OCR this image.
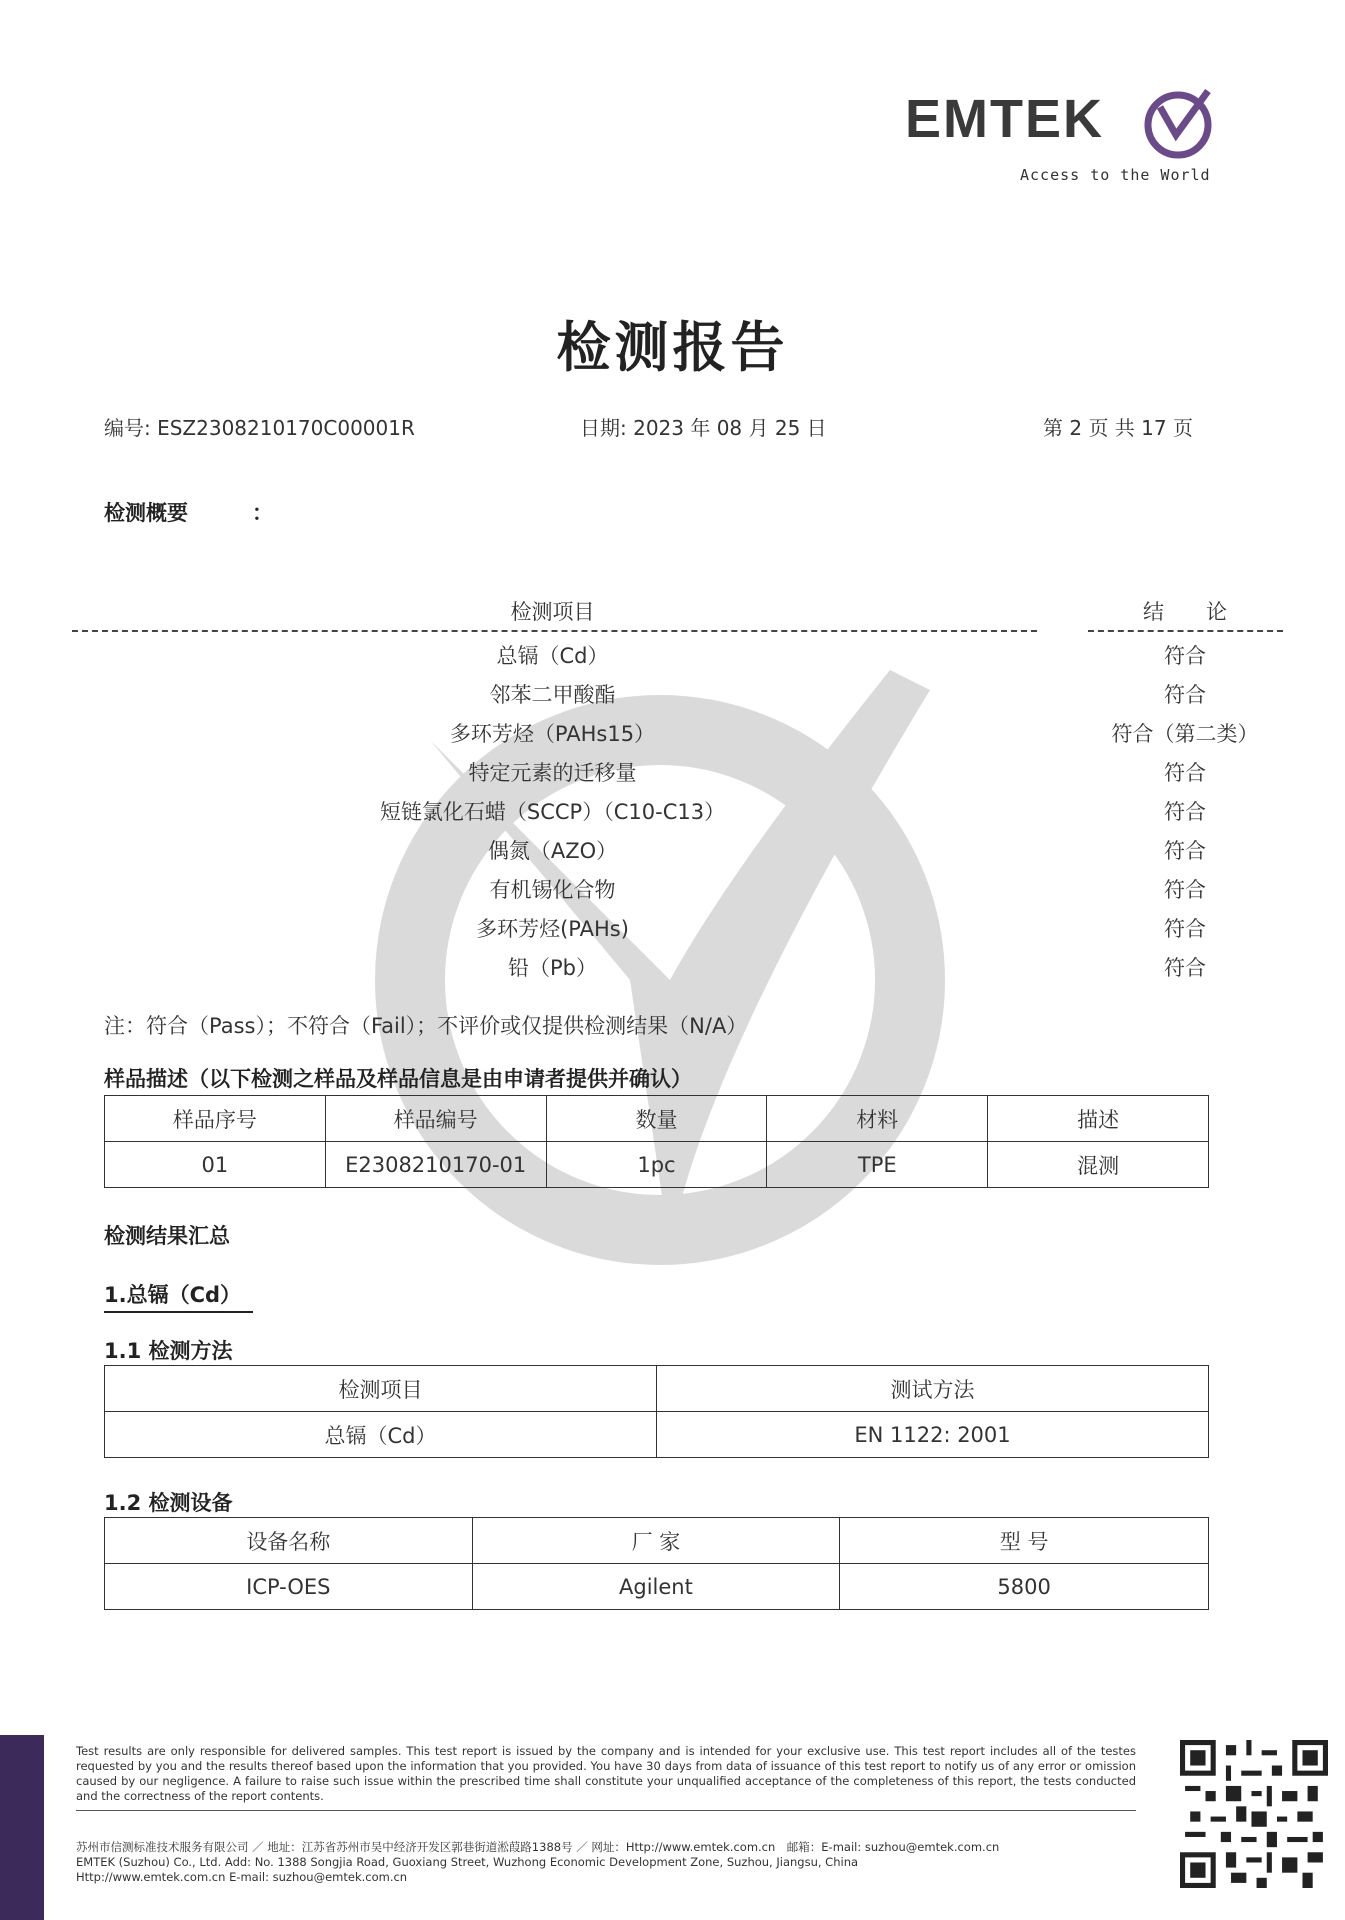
EMTEK
Access to the World
检测报告
编号: ESZ2308210170C00001R	日期: 2023 年 08 月 25 日	第 2 页 共 17 页
检测概要	：
检测项目	结　　论
总镉（Cd）	符合
邻苯二甲酸酯	符合
多环芳烃（PAHs15）	符合（第二类）
特定元素的迁移量	符合
短链氯化石蜡（SCCP）（C10-C13）	符合
偶氮（AZO）	符合
有机锡化合物	符合
多环芳烃(PAHs)	符合
铅（Pb）	符合
注：符合（Pass）；不符合（Fail）；不评价或仅提供检测结果（N/A）
样品描述（以下检测之样品及样品信息是由申请者提供并确认）
样品序号	样品编号	数量	材料	描述
01	E2308210170-01	1pc	TPE	混测
检测结果汇总
1.总镉（Cd）
1.1 检测方法
检测项目	测试方法
总镉（Cd）	EN 1122: 2001
1.2 检测设备
设备名称	厂 家	型 号
ICP-OES	Agilent	5800
Test results are only responsible for delivered samples. This test report is issued by the company and is intended for your exclusive use. This test report includes all of the testes requested by you and the results thereof based upon the information that you provided. You have 30 days from data of issuance of this test report to notify us of any error or omission caused by our negligence. A failure to raise such issue within the prescribed time shall constitute your unqualified acceptance of the completeness of this report, the tests conducted and the correctness of the report contents.
苏州市信测标准技术服务有限公司 ／ 地址：江苏省苏州市吴中经济开发区郭巷街道淞葭路1388号 ／ 网址：Http://www.emtek.com.cn　邮箱：E-mail: suzhou@emtek.com.cn
EMTEK (Suzhou) Co., Ltd. Add: No. 1388 Songjia Road, Guoxiang Street, Wuzhong Economic Development Zone, Suzhou, Jiangsu, China
Http://www.emtek.com.cn E-mail: suzhou@emtek.com.cn
